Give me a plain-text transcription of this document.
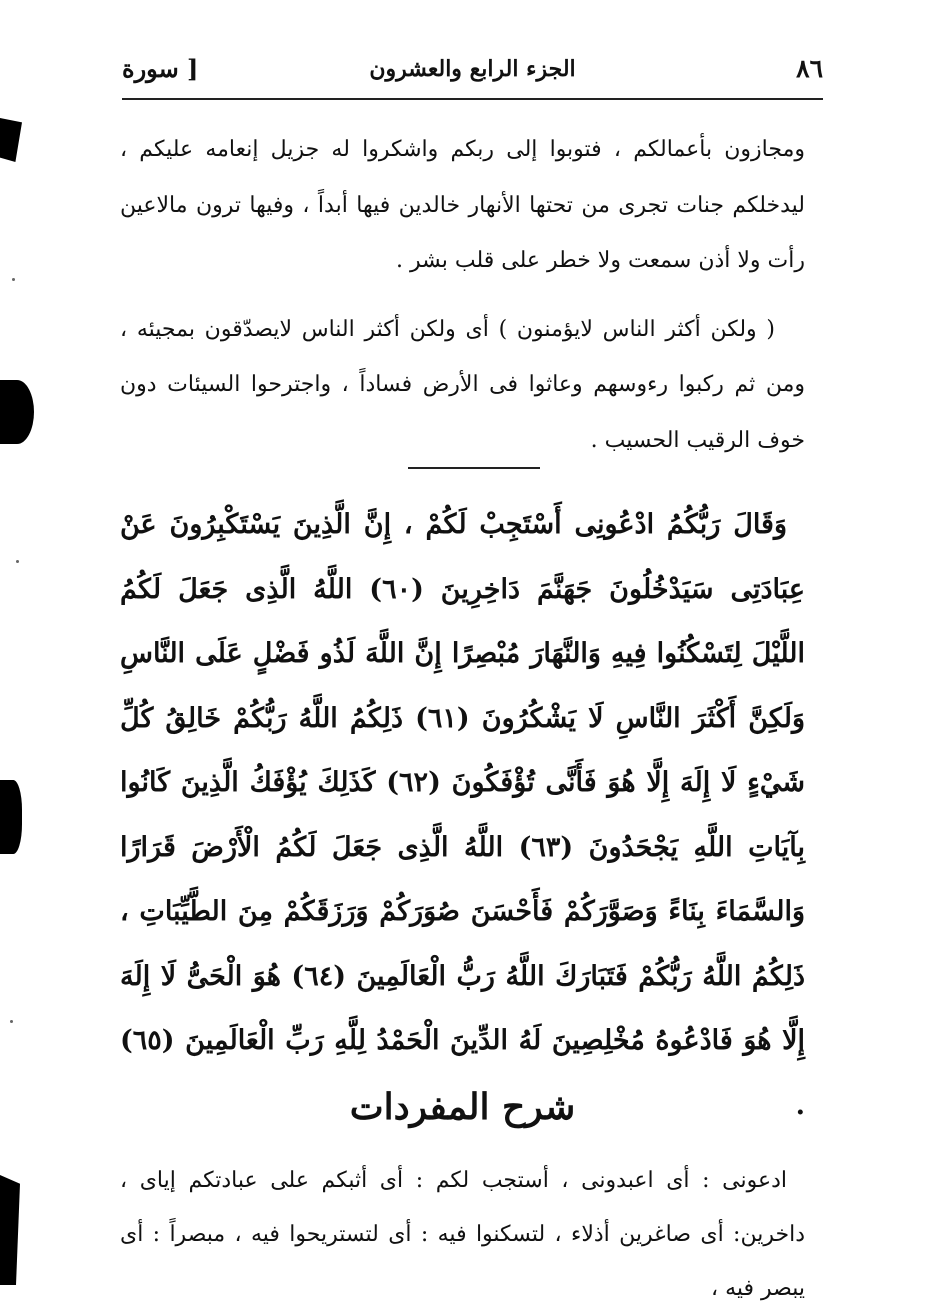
٨٦
الجزء الرابع والعشرون
[ سورة

ومجازون بأعمالكم ، فتوبوا إلى ربكم واشكروا له جزيل إنعامه عليكم ، ليدخلكم جنات تجرى من تحتها الأنهار خالدين فيها أبداً ، وفيها ترون مالاعين رأت ولا أذن سمعت ولا خطر على قلب بشر .

( ولكن أكثر الناس لايؤمنون ) أى ولكن أكثر الناس لايصدّقون بمجيئه ، ومن ثم ركبوا رءوسهم وعاثوا فى الأرض فساداً ، واجترحوا السيئات دون خوف الرقيب الحسيب .

وَقَالَ رَبُّكُمُ ادْعُونِى أَسْتَجِبْ لَكُمْ ، إِنَّ الَّذِينَ يَسْتَكْبِرُونَ عَنْ عِبَادَتِى سَيَدْخُلُونَ جَهَنَّمَ دَاخِرِينَ (٦٠) اللَّهُ الَّذِى جَعَلَ لَكُمُ اللَّيْلَ لِتَسْكُنُوا فِيهِ وَالنَّهَارَ مُبْصِرًا إِنَّ اللَّهَ لَذُو فَضْلٍ عَلَى النَّاسِ وَلَكِنَّ أَكْثَرَ النَّاسِ لَا يَشْكُرُونَ (٦١) ذَلِكُمُ اللَّهُ رَبُّكُمْ خَالِقُ كُلِّ شَيْءٍ لَا إِلَهَ إِلَّا هُوَ فَأَنَّى تُؤْفَكُونَ (٦٢) كَذَلِكَ يُؤْفَكُ الَّذِينَ كَانُوا بِآيَاتِ اللَّهِ يَجْحَدُونَ (٦٣) اللَّهُ الَّذِى جَعَلَ لَكُمُ الْأَرْضَ قَرَارًا وَالسَّمَاءَ بِنَاءً وَصَوَّرَكُمْ فَأَحْسَنَ صُوَرَكُمْ وَرَزَقَكُمْ مِنَ الطَّيِّبَاتِ ، ذَلِكُمُ اللَّهُ رَبُّكُمْ فَتَبَارَكَ اللَّهُ رَبُّ الْعَالَمِينَ (٦٤) هُوَ الْحَىُّ لَا إِلَهَ إِلَّا هُوَ فَادْعُوهُ مُخْلِصِينَ لَهُ الدِّينَ الْحَمْدُ لِلَّهِ رَبِّ الْعَالَمِينَ (٦٥) .

شرح المفردات

ادعونى : أى اعبدونى ، أستجب لكم : أى أثبكم على عبادتكم إياى ، داخرين: أى صاغرين أذلاء ، لتسكنوا فيه : أى لتستريحوا فيه ، مبصراً : أى يبصر فيه ،
